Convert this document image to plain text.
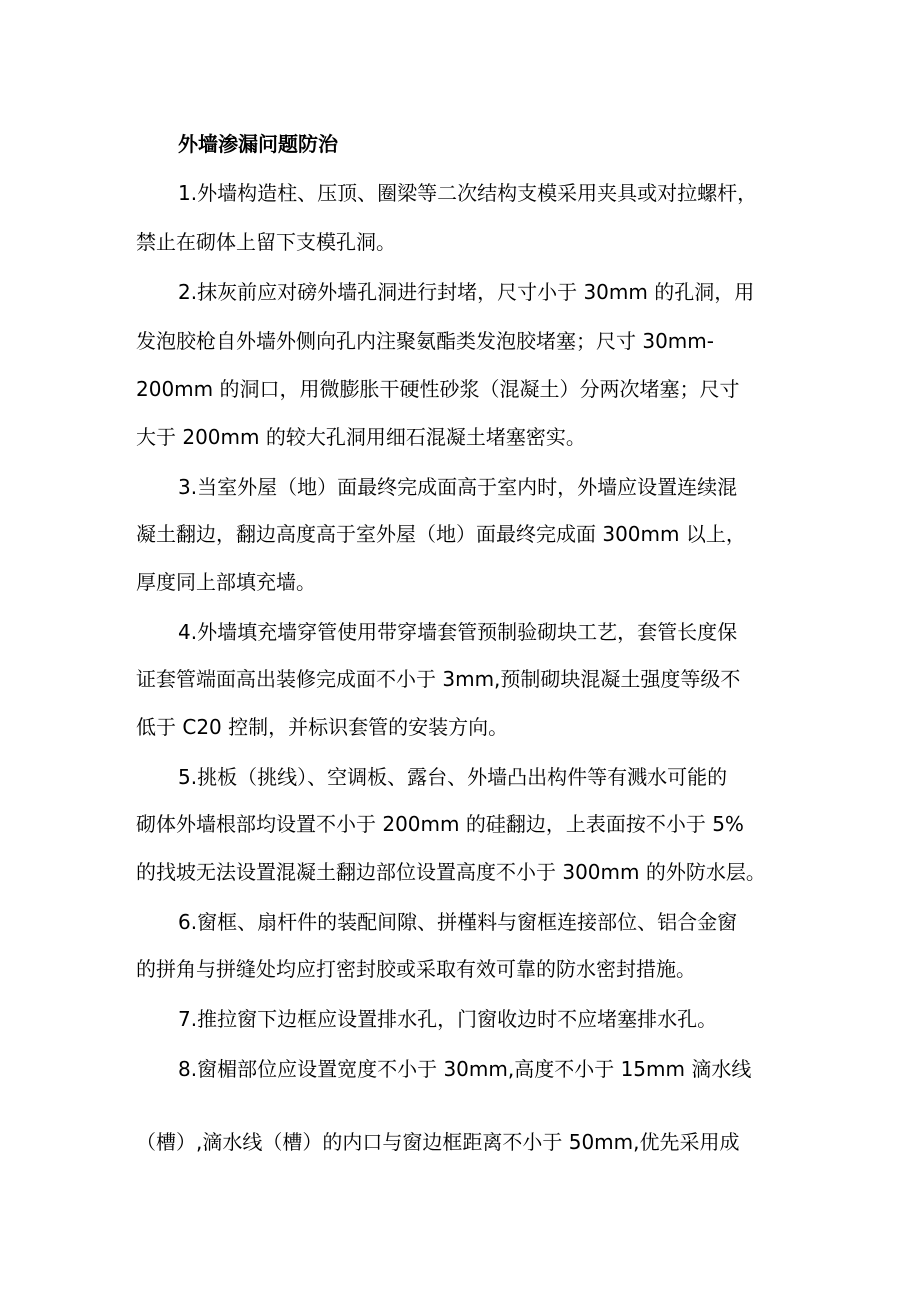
外墙渗漏问题防治
1.外墙构造柱、压顶、圈梁等二次结构支模采用夹具或对拉螺杆，
禁止在砌体上留下支模孔洞。
2.抹灰前应对磅外墙孔洞进行封堵，尺寸小于 30mm 的孔洞，用
发泡胶枪自外墙外侧向孔内注聚氨酯类发泡胶堵塞；尺寸 30mm-
200mm 的洞口，用微膨胀干硬性砂浆（混凝土）分两次堵塞；尺寸
大于 200mm 的较大孔洞用细石混凝土堵塞密实。
3.当室外屋（地）面最终完成面高于室内时，外墙应设置连续混
凝土翻边，翻边高度高于室外屋（地）面最终完成面 300mm 以上，
厚度同上部填充墙。
4.外墙填充墙穿管使用带穿墙套管预制验砌块工艺，套管长度保
证套管端面高出装修完成面不小于 3mm,预制砌块混凝土强度等级不
低于 C20 控制，并标识套管的安装方向。
5.挑板（挑线）、空调板、露台、外墙凸出构件等有溅水可能的
砌体外墙根部均设置不小于 200mm 的硅翻边，上表面按不小于 5%
的找坡无法设置混凝土翻边部位设置高度不小于 300mm 的外防水层。
6.窗框、扇杆件的装配间隙、拼槿料与窗框连接部位、铝合金窗
的拼角与拼缝处均应打密封胶或采取有效可靠的防水密封措施。
7.推拉窗下边框应设置排水孔，门窗收边时不应堵塞排水孔。
8.窗楣部位应设置宽度不小于 30mm,高度不小于 15mm 滴水线
（槽）,滴水线（槽）的内口与窗边框距离不小于 50mm,优先采用成
